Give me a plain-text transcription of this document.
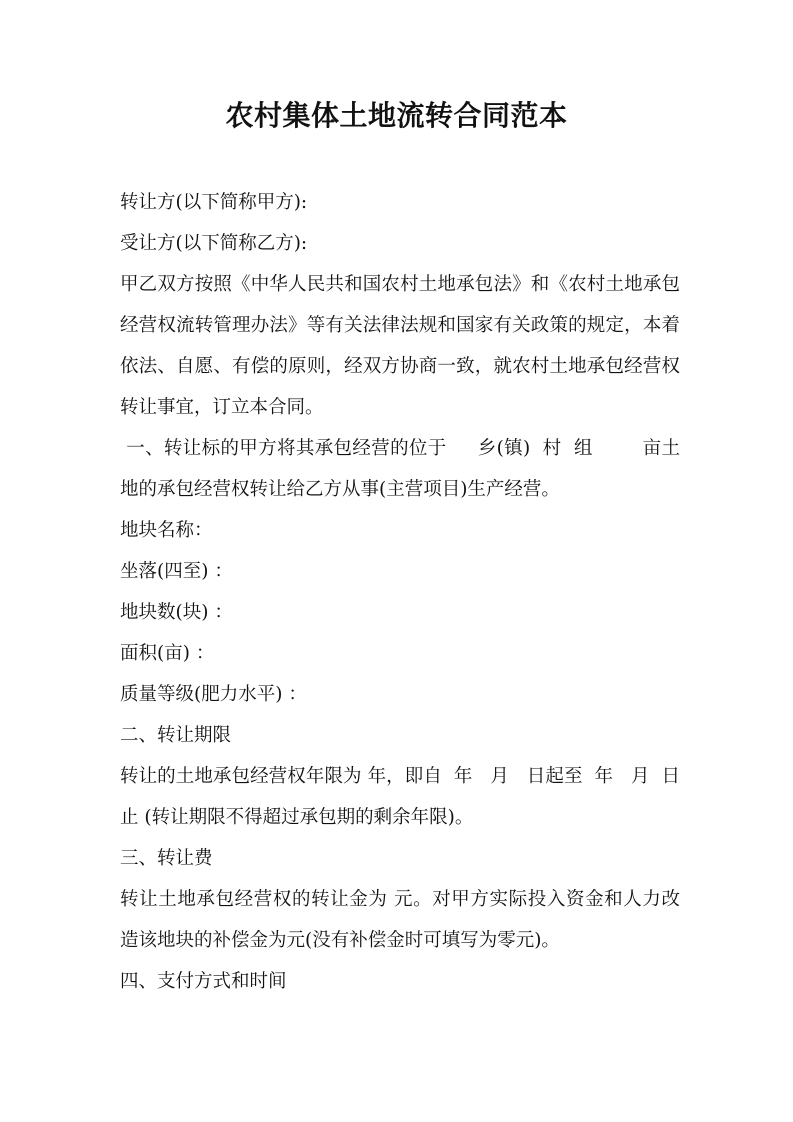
农村集体土地流转合同范本

转让方(以下简称甲方):

受让方(以下简称乙方):

甲乙双方按照《中华人民共和国农村土地承包法》和《农村土地承包经营权流转管理办法》等有关法律法规和国家有关政策的规定，本着依法、自愿、有偿的原则，经双方协商一致，就农村土地承包经营权转让事宜，订立本合同。

一、转让标的甲方将其承包经营的位于     乡(镇)  村  组        亩土地的承包经营权转让给乙方从事(主营项目)生产经营。

地块名称：

坐落(四至) ：

地块数(块) ：

面积(亩) ：

质量等级(肥力水平) ：

二、转让期限

转让的土地承包经营权年限为 年，即自  年   月   日起至  年   月  日止 (转让期限不得超过承包期的剩余年限)。

三、转让费

转让土地承包经营权的转让金为 元。对甲方实际投入资金和人力改造该地块的补偿金为元(没有补偿金时可填写为零元)。

四、支付方式和时间
